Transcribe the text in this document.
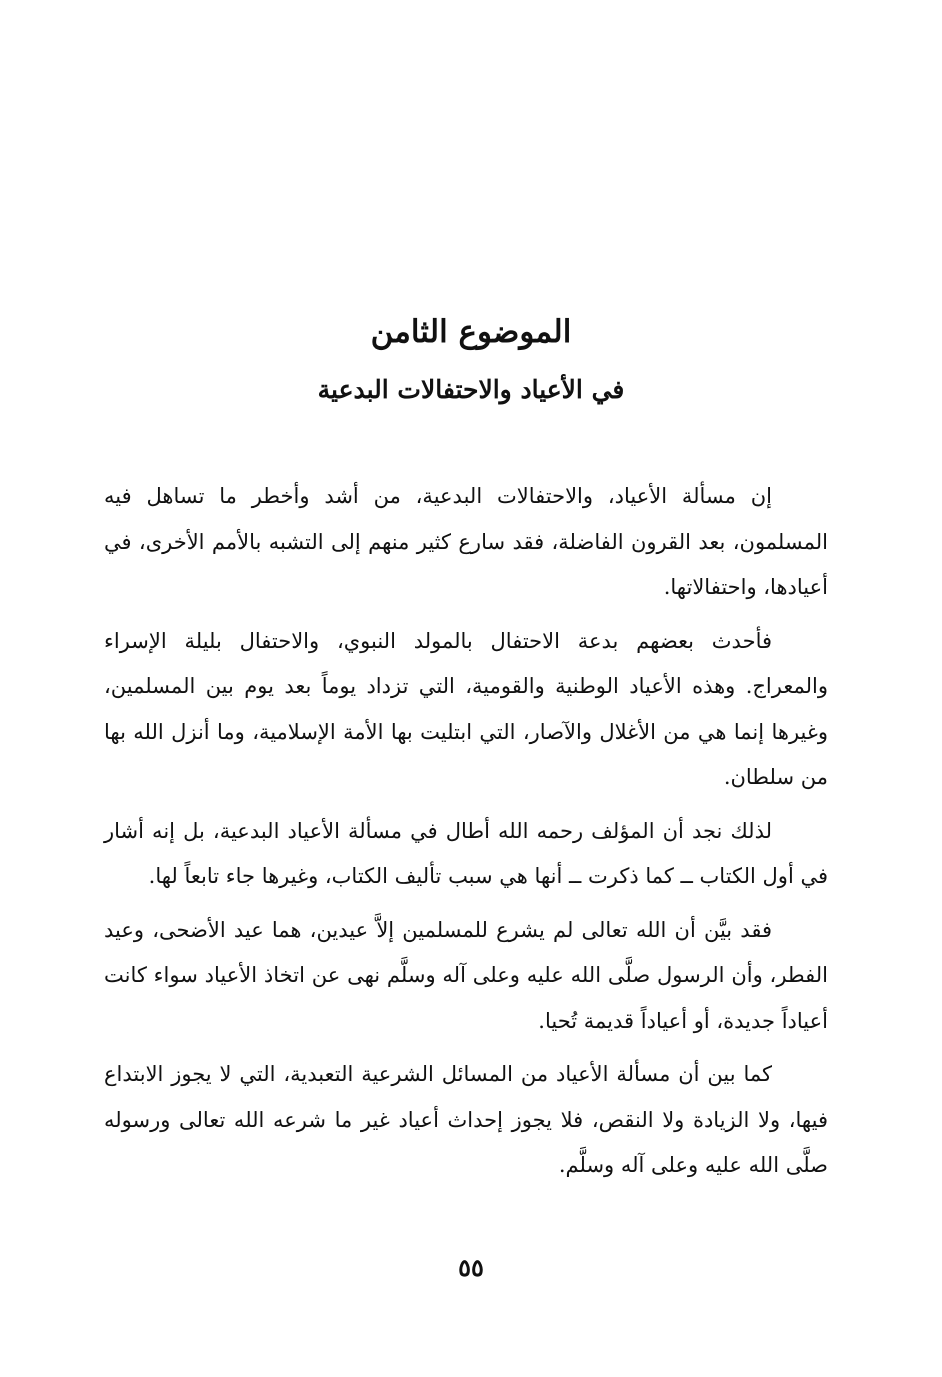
الموضوع الثامن
في الأعياد والاحتفالات البدعية

إن مسألة الأعياد، والاحتفالات البدعية، من أشد وأخطر ما تساهل فيه المسلمون، بعد القرون الفاضلة، فقد سارع كثير منهم إلى التشبه بالأمم الأخرى، في أعيادها، واحتفالاتها.

فأحدث بعضهم بدعة الاحتفال بالمولد النبوي، والاحتفال بليلة الإسراء والمعراج. وهذه الأعياد الوطنية والقومية، التي تزداد يوماً بعد يوم بين المسلمين، وغيرها إنما هي من الأغلال والآصار، التي ابتليت بها الأمة الإسلامية، وما أنزل الله بها من سلطان.

لذلك نجد أن المؤلف رحمه الله أطال في مسألة الأعياد البدعية، بل إنه أشار في أول الكتاب ــ كما ذكرت ــ أنها هي سبب تأليف الكتاب، وغيرها جاء تابعاً لها.

فقد بيَّن أن الله تعالى لم يشرع للمسلمين إلاَّ عيدين، هما عيد الأضحى، وعيد الفطر، وأن الرسول صلَّى الله عليه وعلى آله وسلَّم نهى عن اتخاذ الأعياد سواء كانت أعياداً جديدة، أو أعياداً قديمة تُحيا.

كما بين أن مسألة الأعياد من المسائل الشرعية التعبدية، التي لا يجوز الابتداع فيها، ولا الزيادة ولا النقص، فلا يجوز إحداث أعياد غير ما شرعه الله تعالى ورسوله صلَّى الله عليه وعلى آله وسلَّم.

٥٥
